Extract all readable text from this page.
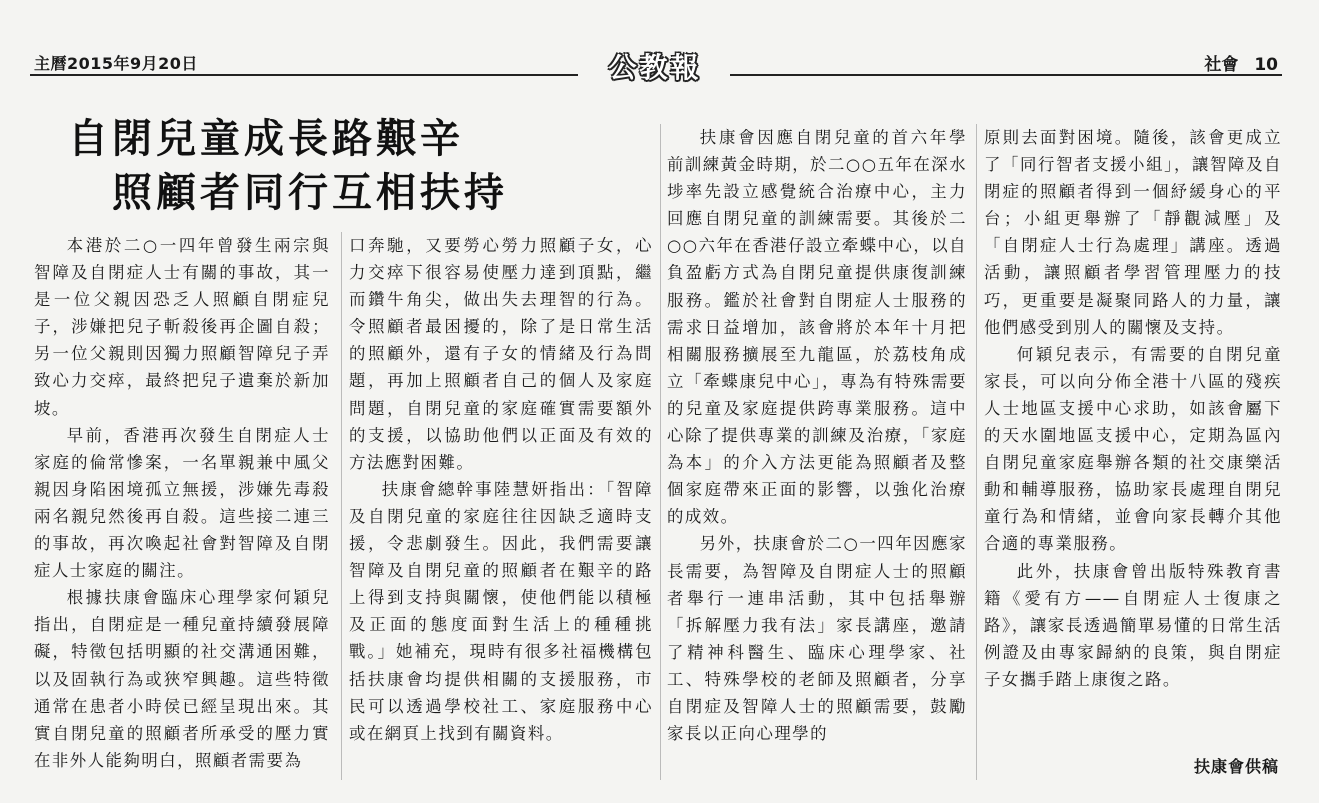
主曆2015年9月20日	公教報	社會 10
自閉兒童成長路艱辛
照顧者同行互相扶持

本港於二○一四年曾發生兩宗與智障及自閉症人士有關的事故，其一是一位父親因恐乏人照顧自閉症兒子，涉嫌把兒子斬殺後再企圖自殺；另一位父親則因獨力照顧智障兒子弄致心力交瘁，最終把兒子遺棄於新加坡。

早前，香港再次發生自閉症人士家庭的倫常慘案，一名單親兼中風父親因身陷困境孤立無援，涉嫌先毒殺兩名親兒然後再自殺。這些接二連三的事故，再次喚起社會對智障及自閉症人士家庭的關注。

根據扶康會臨床心理學家何穎兒指出，自閉症是一種兒童持續發展障礙，特徵包括明顯的社交溝通困難，以及固執行為或狹窄興趣。這些特徵通常在患者小時侯已經呈現出來。其實自閉兒童的照顧者所承受的壓力實在非外人能夠明白，照顧者需要為

口奔馳，又要勞心勞力照顧子女，心力交瘁下很容易使壓力達到頂點，繼而鑽牛角尖，做出失去理智的行為。令照顧者最困擾的，除了是日常生活的照顧外，還有子女的情緒及行為問題，再加上照顧者自己的個人及家庭問題，自閉兒童的家庭確實需要額外的支援，以協助他們以正面及有效的方法應對困難。

扶康會總幹事陸慧妍指出：「智障及自閉兒童的家庭往往因缺乏適時支援，令悲劇發生。因此，我們需要讓智障及自閉兒童的照顧者在艱辛的路上得到支持與關懷，使他們能以積極及正面的態度面對生活上的種種挑戰。」她補充，現時有很多社福機構包括扶康會均提供相關的支援服務，市民可以透過學校社工、家庭服務中心或在網頁上找到有關資料。

扶康會因應自閉兒童的首六年學前訓練黃金時期，於二○○五年在深水埗率先設立感覺統合治療中心，主力回應自閉兒童的訓練需要。其後於二○○六年在香港仔設立牽蝶中心，以自負盈虧方式為自閉兒童提供康復訓練服務。鑑於社會對自閉症人士服務的需求日益增加，該會將於本年十月把相關服務擴展至九龍區，於荔枝角成立「牽蝶康兒中心」，專為有特殊需要的兒童及家庭提供跨專業服務。這中心除了提供專業的訓練及治療，「家庭為本」的介入方法更能為照顧者及整個家庭帶來正面的影響，以強化治療的成效。

另外，扶康會於二○一四年因應家長需要，為智障及自閉症人士的照顧者舉行一連串活動，其中包括舉辦「拆解壓力我有法」家長講座，邀請了精神科醫生、臨床心理學家、社工、特殊學校的老師及照顧者，分享自閉症及智障人士的照顧需要，鼓勵家長以正向心理學的

原則去面對困境。隨後，該會更成立了「同行智者支援小組」，讓智障及自閉症的照顧者得到一個紓緩身心的平台；小組更舉辦了「靜觀減壓」及「自閉症人士行為處理」講座。透過活動，讓照顧者學習管理壓力的技巧，更重要是凝聚同路人的力量，讓他們感受到別人的關懷及支持。

何穎兒表示，有需要的自閉兒童家長，可以向分佈全港十八區的殘疾人士地區支援中心求助，如該會屬下的天水圍地區支援中心，定期為區內自閉兒童家庭舉辦各類的社交康樂活動和輔導服務，協助家長處理自閉兒童行為和情緒，並會向家長轉介其他合適的專業服務。

此外，扶康會曾出版特殊教育書籍《愛有方——自閉症人士復康之路》，讓家長透過簡單易懂的日常生活例證及由專家歸納的良策，與自閉症子女攜手踏上康復之路。

扶康會供稿
